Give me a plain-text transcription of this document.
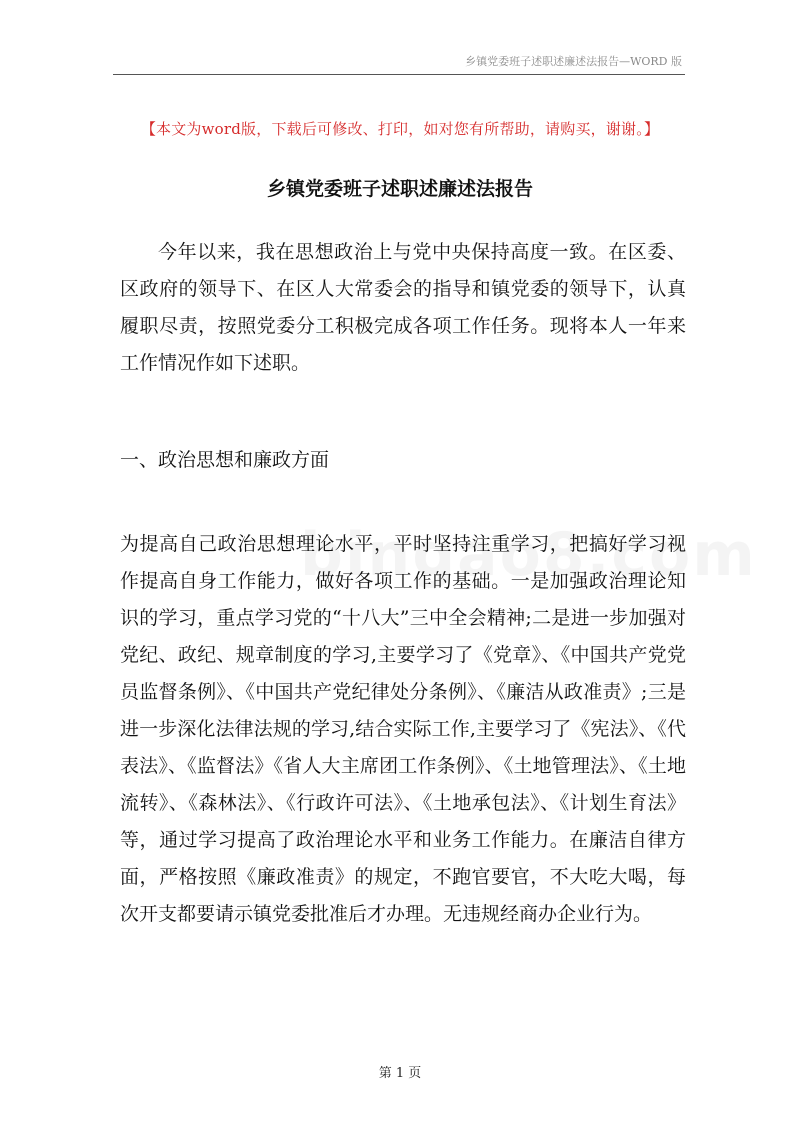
乡镇党委班子述职述廉述法报告—WORD 版
【本文为word版，下载后可修改、打印，如对您有所帮助，请购买，谢谢。】
乡镇党委班子述职述廉述法报告

今年以来，我在思想政治上与党中央保持高度一致。在区委、区政府的领导下、在区人大常委会的指导和镇党委的领导下，认真履职尽责，按照党委分工积极完成各项工作任务。现将本人一年来工作情况作如下述职。

一、政治思想和廉政方面

为提高自己政治思想理论水平，平时坚持注重学习，把搞好学习视作提高自身工作能力，做好各项工作的基础。一是加强政治理论知识的学习，重点学习党的“十八大”三中全会精神;二是进一步加强对党纪、政纪、规章制度的学习,主要学习了《党章》、《中国共产党党员监督条例》、《中国共产党纪律处分条例》、《廉洁从政准责》;三是进一步深化法律法规的学习,结合实际工作,主要学习了《宪法》、《代表法》、《监督法》《省人大主席团工作条例》、《土地管理法》、《土地流转》、《森林法》、《行政许可法》、《土地承包法》、《计划生育法》等，通过学习提高了政治理论水平和业务工作能力。在廉洁自律方面，严格按照《廉政准责》的规定，不跑官要官，不大吃大喝，每次开支都要请示镇党委批准后才办理。无违规经商办企业行为。

第 1 页
